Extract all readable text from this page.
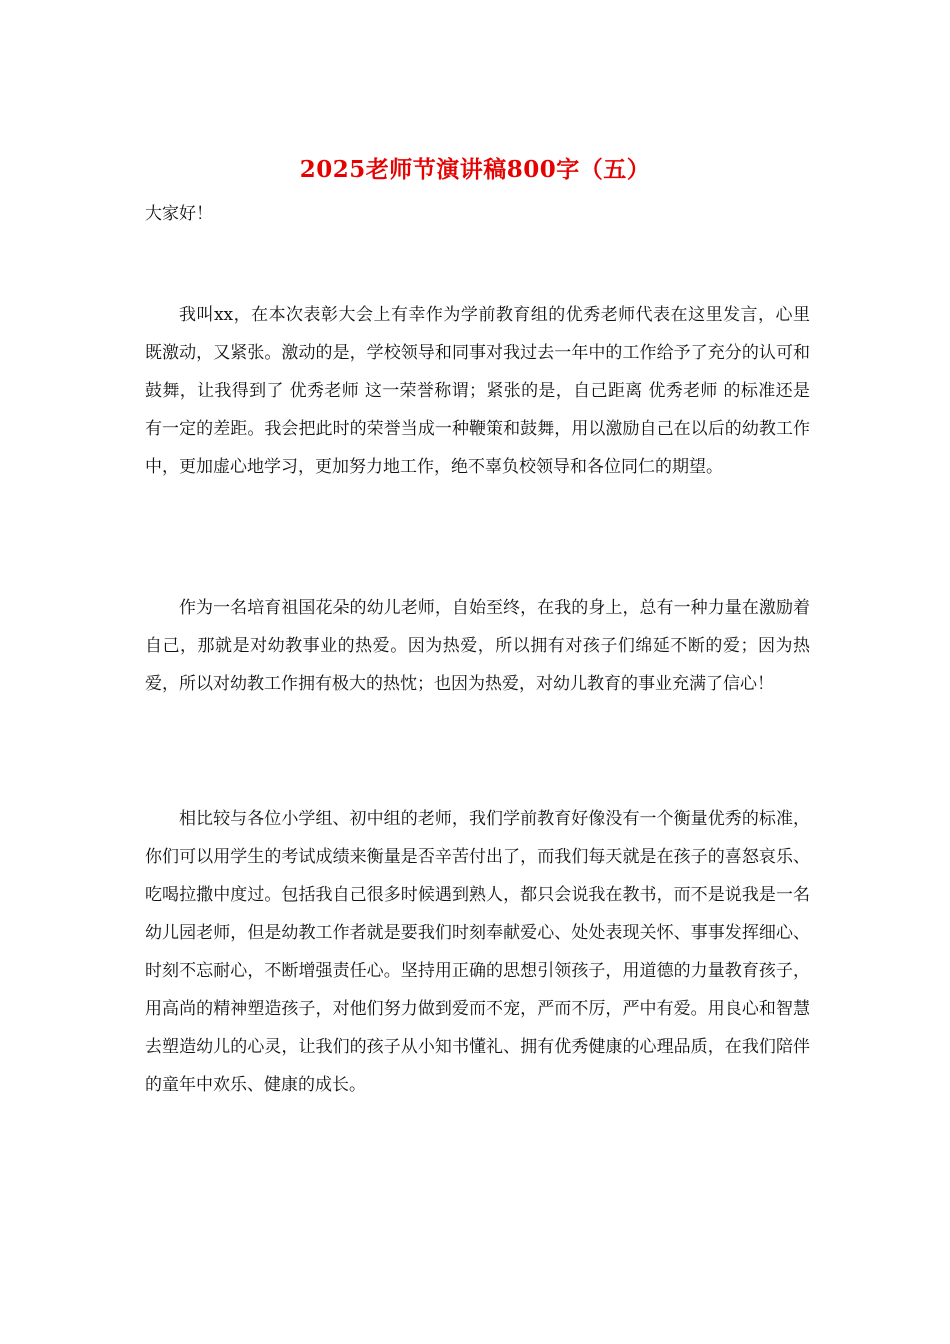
2025老师节演讲稿800字（五）
大家好！

我叫xx，在本次表彰大会上有幸作为学前教育组的优秀老师代表在这里发言，心里既激动，又紧张。激动的是，学校领导和同事对我过去一年中的工作给予了充分的认可和鼓舞，让我得到了 优秀老师 这一荣誉称谓；紧张的是，自己距离 优秀老师 的标准还是有一定的差距。我会把此时的荣誉当成一种鞭策和鼓舞，用以激励自己在以后的幼教工作中，更加虚心地学习，更加努力地工作，绝不辜负校领导和各位同仁的期望。

作为一名培育祖国花朵的幼儿老师，自始至终，在我的身上，总有一种力量在激励着自己，那就是对幼教事业的热爱。因为热爱，所以拥有对孩子们绵延不断的爱；因为热爱，所以对幼教工作拥有极大的热忱；也因为热爱，对幼儿教育的事业充满了信心！

相比较与各位小学组、初中组的老师，我们学前教育好像没有一个衡量优秀的标准，你们可以用学生的考试成绩来衡量是否辛苦付出了，而我们每天就是在孩子的喜怒哀乐、吃喝拉撒中度过。包括我自己很多时候遇到熟人，都只会说我在教书，而不是说我是一名幼儿园老师，但是幼教工作者就是要我们时刻奉献爱心、处处表现关怀、事事发挥细心、时刻不忘耐心，不断增强责任心。坚持用正确的思想引领孩子，用道德的力量教育孩子，用高尚的精神塑造孩子，对他们努力做到爱而不宠，严而不厉，严中有爱。用良心和智慧去塑造幼儿的心灵，让我们的孩子从小知书懂礼、拥有优秀健康的心理品质，在我们陪伴的童年中欢乐、健康的成长。
